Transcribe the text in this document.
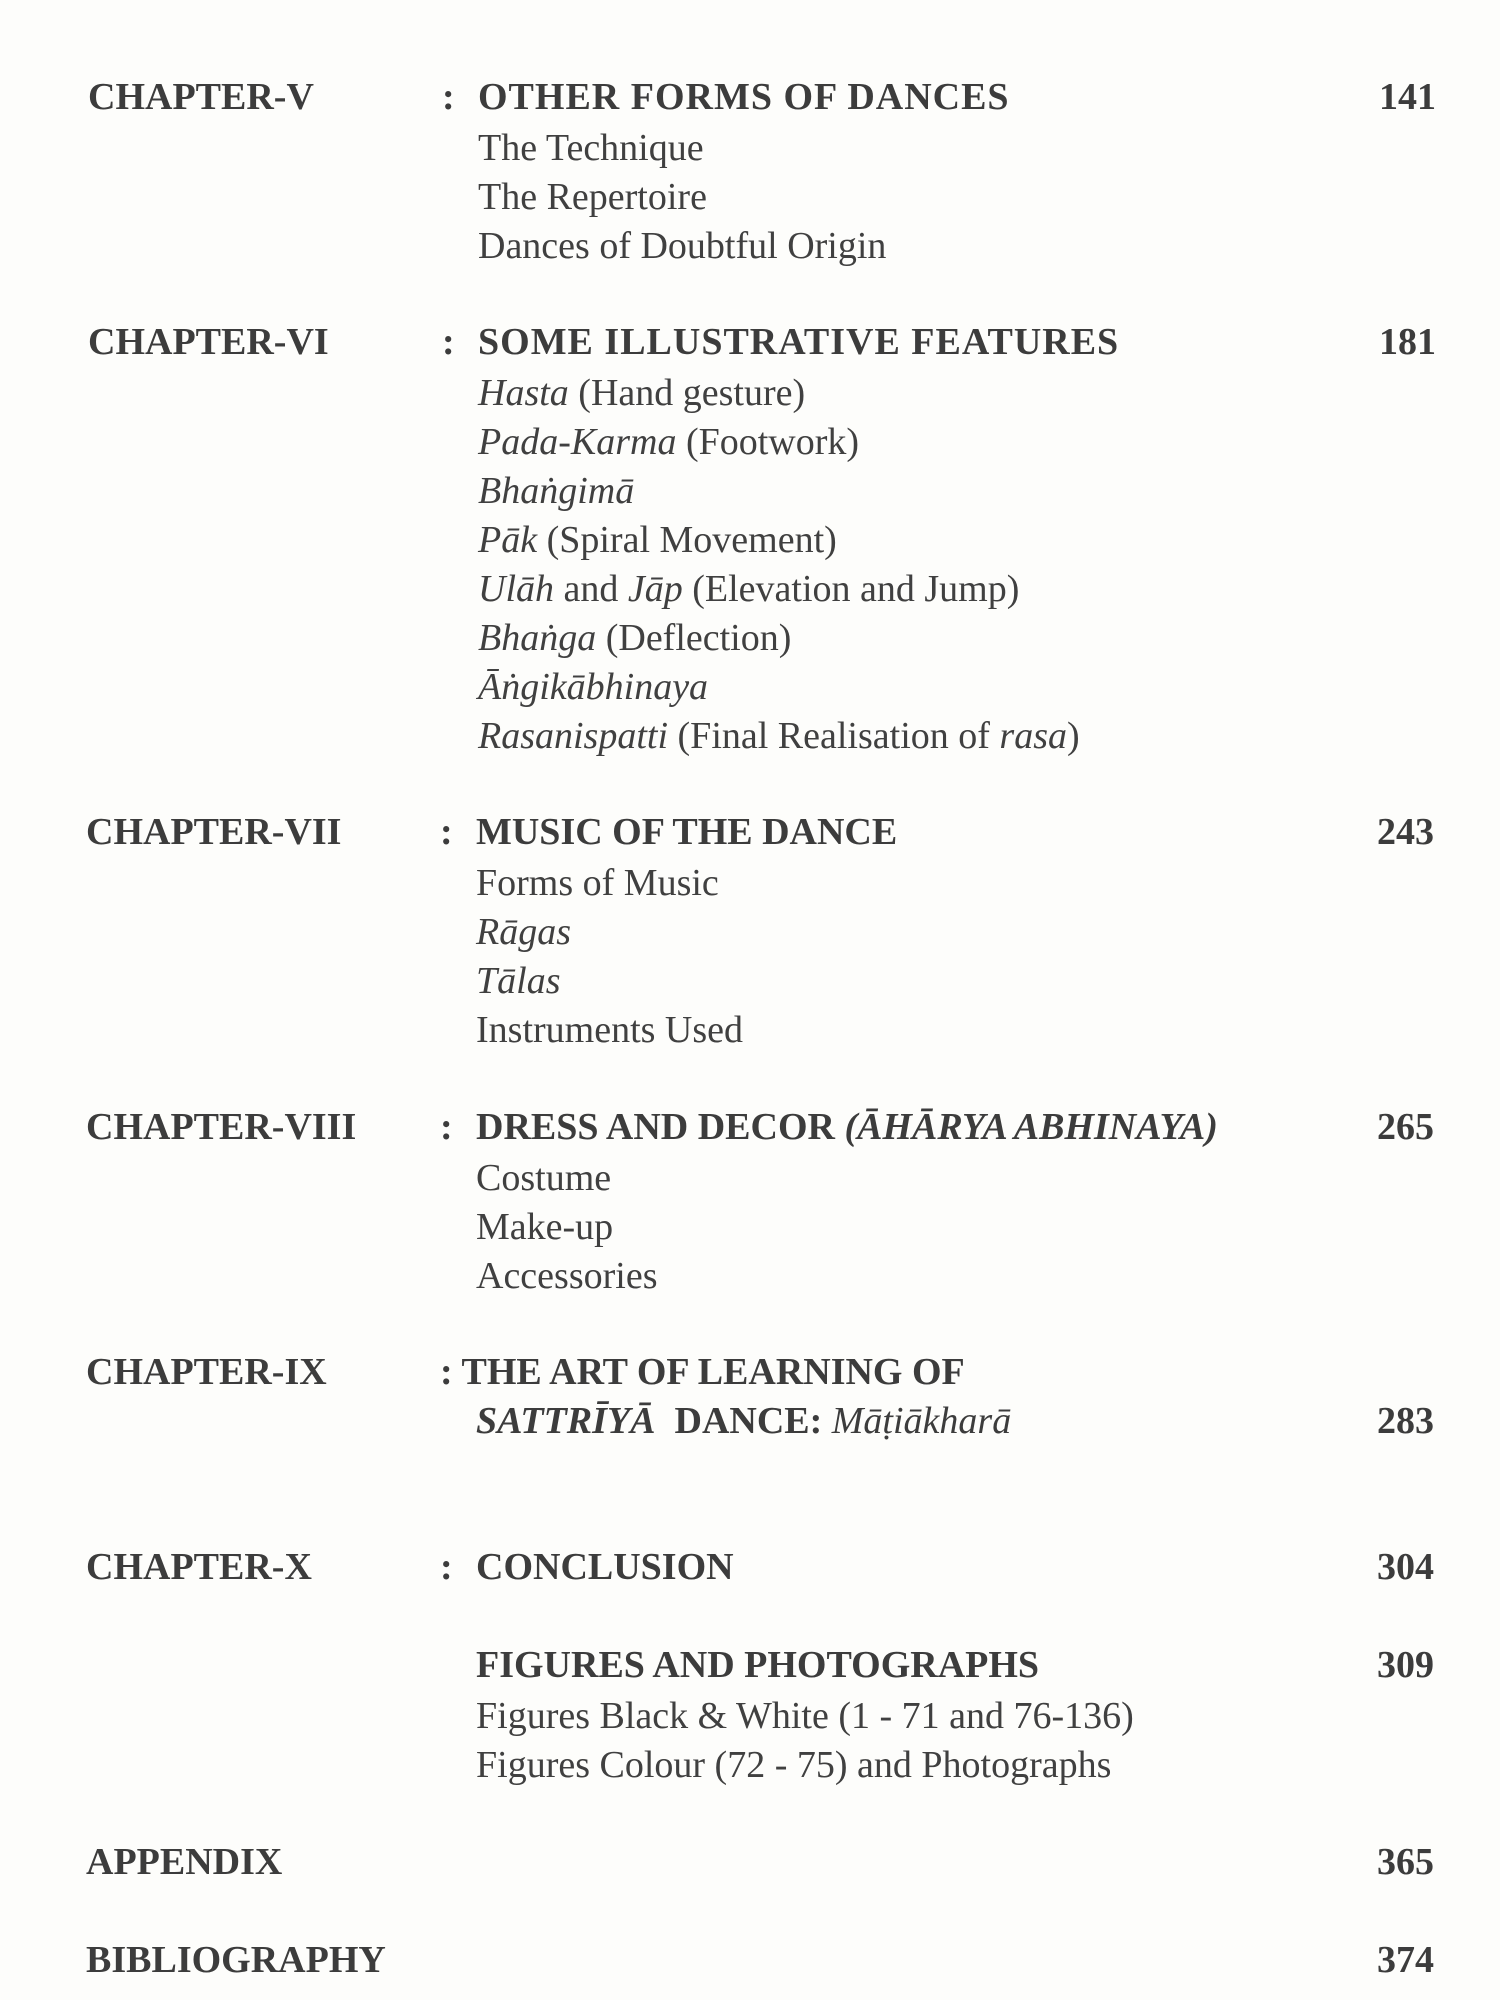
CHAPTER-V	: OTHER FORMS OF DANCES	141
The Technique
The Repertoire
Dances of Doubtful Origin
CHAPTER-VI	: SOME ILLUSTRATIVE FEATURES	181
Hasta (Hand gesture)
Pada-Karma (Footwork)
Bhaṅgimā
Pāk (Spiral Movement)
Ulāh and Jāp (Elevation and Jump)
Bhaṅga (Deflection)
Āṅgikābhinaya
Rasanispatti (Final Realisation of rasa)
CHAPTER-VII	: MUSIC OF THE DANCE	243
Forms of Music
Rāgas
Tālas
Instruments Used
CHAPTER-VIII : DRESS AND DECOR (ĀHĀRYA ABHINAYA)	265
Costume
Make-up
Accessories
CHAPTER-IX	: THE ART OF LEARNING OF
SATTRĪYĀ  DANCE: Māṭiākharā	283
CHAPTER-X	: CONCLUSION	304
FIGURES AND PHOTOGRAPHS	309
Figures Black & White (1 - 71 and 76-136)
Figures Colour (72 - 75) and Photographs
APPENDIX	365
BIBLIOGRAPHY	374
